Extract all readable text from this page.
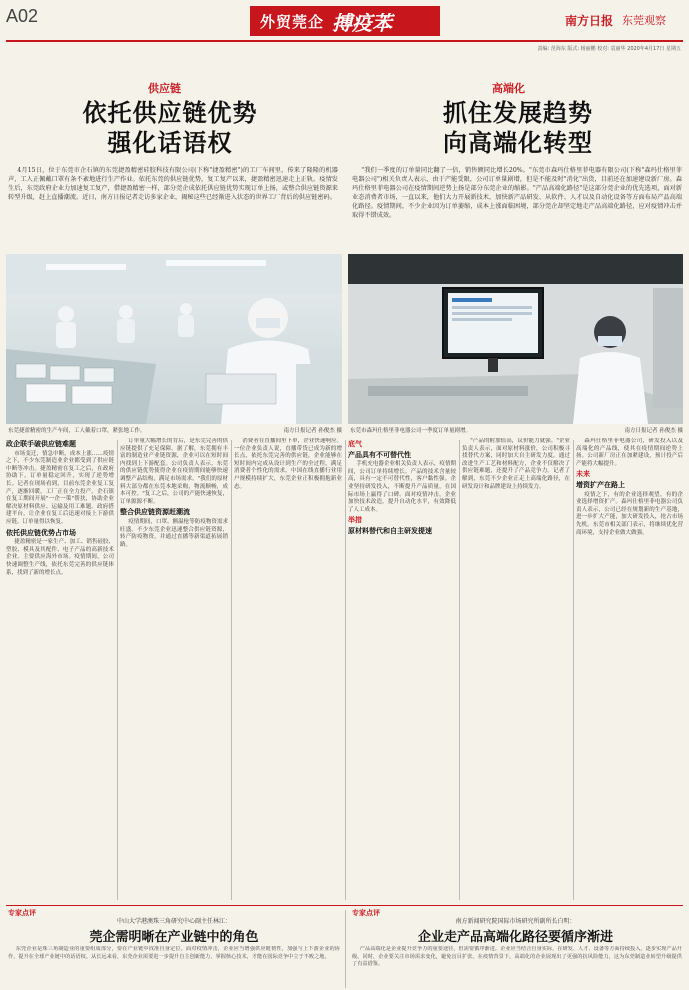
A02	外贸莞企 搏疫苯	南方日报 东莞观察
责编: 范海东 版式: 杨丽鹏 校对: 袁丽华 2020年4月17日 星期五
供应链
依托供应链优势
强化话语权
4月15日，位于东莞市企石镇的东莞捷盈精密硅胶科技有限公司(下称"捷盈精密")的工厂车间里，传来了隆隆的机器声，工人正佩戴口罩有条不紊地进行生产作业。依托东莞的供应链优势，复工复产以来，捷盈精密迅速走上正轨。疫情发生后，东莞政府企业力加速复工复产，借捷盈精密一样，部分莞企成依托供应链优势实现订单上扬，或整合供应链资源来转型升级，赶上直播潮流。近日，南方日报记者走访多家企业，揭秘这些已经渐进入状态的世界工厂背后的供应链密码。
高端化
抓住发展趋势
向高端化转型
"我们一季度的订单量同比翻了一倍，销售额同比增长20%。"东莞市森玛仕格里菲电器有限公司(下称"森玛仕格里菲电器公司")相关负责人表示，由于产能受限，公司订单量剧增，但是不能及时"消化"出货，目前还在加速建设新厂房。森玛仕格里菲电器公司在疫情期间逆势上扬是部分东莞企业的缩影。"产品高端化路径"是这部分莞企业的优先选项，面对新业态消费者市场，一直以来，他们大力开展新技术，加快新产品研发、从软件、人才以及自动化设备等方面布局产品高端化路径。疫情期间，不少企业因为订单萎缩，成本上涨面临困境，部分莞企却坚定地走产品高端化路径，应对疫情冲击并取得不错成效。
东莞捷盈精密的生产车间，工人戴着口罩，紧张地工作。	南方日报记者 孙俊杰 摄 东莞市森玛仕格里菲电器公司一季度订单量剧增。	南方日报记者 孙俊杰 摄
政企联手破供应链难题

市场变迁，情急中断，成本上涨……疫情之下，不少东莞制造业企业都受到了供应链中断等冲击。捷盈精密在复工之后，在政府协助下，订单量稳定回升，实现了逆势增长。记者在现场看到，目前东莞企业复工复产，逐渐回暖，工厂正在全力投产。企石镇在复工期间开展"一企一策"帮扶，协助企业解决原材料供应、运输及用工难题。政府搭建平台，让企业在复工后迅速对接上下游供应链，订单量得以恢复。

依托供应链优势占市场

捷盈精密是一家生产、加工、销售硅胶、塑胶、模具及其配件、电子产品的高新技术企业。主要供应海外市场。疫情期间，公司快速调整生产线，依托东莞完善的供应链体系，找到了新的增长点。

订单量大幅增长的背后，是东莞完善的供应链提供了充足保障。据了解，东莞拥有丰富的制造业产业链资源，企业可以在短时间内找到上下游配套。公司负责人表示，东莞的供应链优势使得企业在疫情期间能够快速调整产品结构，满足市场需求。"我们的原材料大部分都在东莞本地采购，物流顺畅，成本可控。"复工之后，公司的产能快速恢复，订单源源不断。

整合供应链资源赶潮流

疫情期间，口罩、额温枪等防疫物资需求旺盛。不少东莞企业迅速整合供应链资源，转产防疫物资，并通过直播等新渠道拓展销路。

消费者在直播间里下单，企业快速响应。一位企业负责人说，直播带货已成为新的增长点，依托东莞完善的供应链，企业能够在短时间内完成从设计到生产的全过程，满足消费者个性化的需求。中国在线直播行业用户规模持续扩大，东莞企业正积极拥抱新业态。

底气
产品具有不可替代性

手机充电器企业相关负责人表示，疫情期间，公司订单持续增长。产品的技术含量较高，具有一定不可替代性，客户黏性强。企业坚持研发投入，不断提升产品质量，在国际市场上赢得了口碑。面对疫情冲击，企业加快技术改造，提升自动化水平，有效降低了人工成本。

举措
原材料替代和自主研发提速

"产品的附加值高，议价能力就强。"企业负责人表示，面对原材料涨价，公司积极寻找替代方案，同时加大自主研发力度。通过改进生产工艺和材料配方，企业不仅解决了供应链难题，还提升了产品竞争力。记者了解到，东莞不少企业正走上高端化路径，在研发设计和品牌建设上持续发力。

森玛仕格里菲电器公司，研发投入以及高端化的产品线，使其在疫情期间逆势上扬。公司新厂房正在加紧建设，预计投产后产能将大幅提升。

未来
增资扩产在路上

疫情之下，有的企业选择观望，有的企业选择增资扩产。森玛仕格里菲电器公司负责人表示，公司已经在规划新的生产基地，进一步扩大产能，加大研发投入，抢占市场先机。东莞市相关部门表示，将继续优化营商环境，支持企业做大做强。

专家点评	专家点评
中山大学港澳珠三角研究中心副主任林江：
莞企需明晰在产业链中的角色
东莞企业是珠三角制造业的重要组成部分，要在产业链中找准自身定位。面对疫情冲击，企业应当增强供应链韧性，加强与上下游企业的协作，提升在全球产业链中的话语权。从长远来看，东莞企业需要进一步提升自主创新能力，掌握核心技术，才能在国际竞争中立于不败之地。
南方新闻研究院国际市场研究所副所长白明：
企业走产品高端化路径要循序渐进
产品高端化是企业提升竞争力的重要途径，但需要循序渐进。企业应当结合自身实际，在研发、人才、设备等方面持续投入，逐步实现产品升级。同时，企业要关注市场需求变化，避免盲目扩张。在疫情背景下，高端化的企业展现出了更强的抗风险能力，这为东莞制造业转型升级提供了有益借鉴。
